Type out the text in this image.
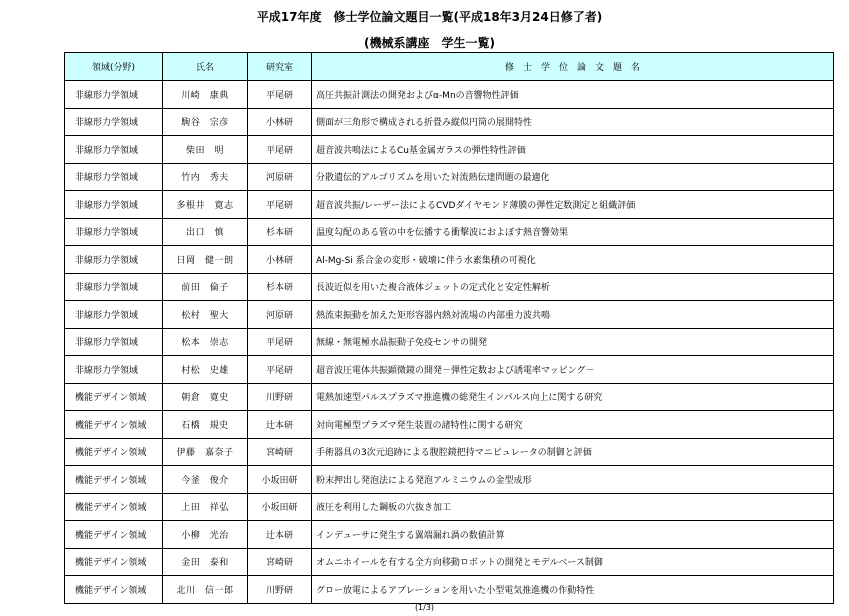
平成17年度　修士学位論文題目一覧(平成18年3月24日修了者)
(機械系講座　学生一覧)
領域(分野)	氏名	研究室	修　士　学　位　論　文　題　名
非線形力学領域	川崎　康典	平尾研	高圧共振計測法の開発およびα-Mnの音響物性評価
非線形力学領域	駒谷　宗彦	小林研	側面が三角形で構成される折畳み縦似円筒の展開特性
非線形力学領域	柴田　明	平尾研	超音波共鳴法によるCu基金属ガラスの弾性特性評価
非線形力学領域	竹内　秀夫	河原研	分散遺伝的アルゴリズムを用いた対流熱伝達問題の最適化
非線形力学領域	多根井　寛志	平尾研	超音波共振/レーザー法によるCVDダイヤモンド薄膜の弾性定数測定と組織評価
非線形力学領域	出口　慎	杉本研	温度勾配のある管の中を伝播する衝撃波におよぼす熱音響効果
非線形力学領域	日岡　健一朗	小林研	Al-Mg-Si 系合金の変形・破壊に伴う水素集積の可視化
非線形力学領域	前田　倫子	杉本研	長波近似を用いた複合液体ジェットの定式化と安定性解析
非線形力学領域	松村　聖大	河原研	熱流束振動を加えた矩形容器内熱対流場の内部重力波共鳴
非線形力学領域	松本　崇志	平尾研	無線・無電極水晶振動子免疫センサの開発
非線形力学領域	村松　史雄	平尾研	超音波圧電体共振顕微鏡の開発－弾性定数および誘電率マッピング－
機能デザイン領域	朝倉　寛史	川野研	電熱加速型パルスプラズマ推進機の総発生インパルス向上に関する研究
機能デザイン領域	石橋　規史	辻本研	対向電極型プラズマ発生装置の諸特性に関する研究
機能デザイン領域	伊藤　嘉奈子	宮崎研	手術器具の3次元追跡による腹腔鏡把持マニピュレータの制御と評価
機能デザイン領域	今釜　俊介	小坂田研	粉末押出し発泡法による発泡アルミニウムの金型成形
機能デザイン領域	上田　祥弘	小坂田研	液圧を利用した鋼板の穴抜き加工
機能デザイン領域	小柳　光治	辻本研	インデューサに発生する翼端漏れ渦の数値計算
機能デザイン領域	金田　泰和	宮崎研	オムニホイールを有する全方向移動ロボットの開発とモデルベース制御
機能デザイン領域	北川　信一郎	川野研	グロー放電によるアブレーションを用いた小型電気推進機の作動特性
(1/3)
